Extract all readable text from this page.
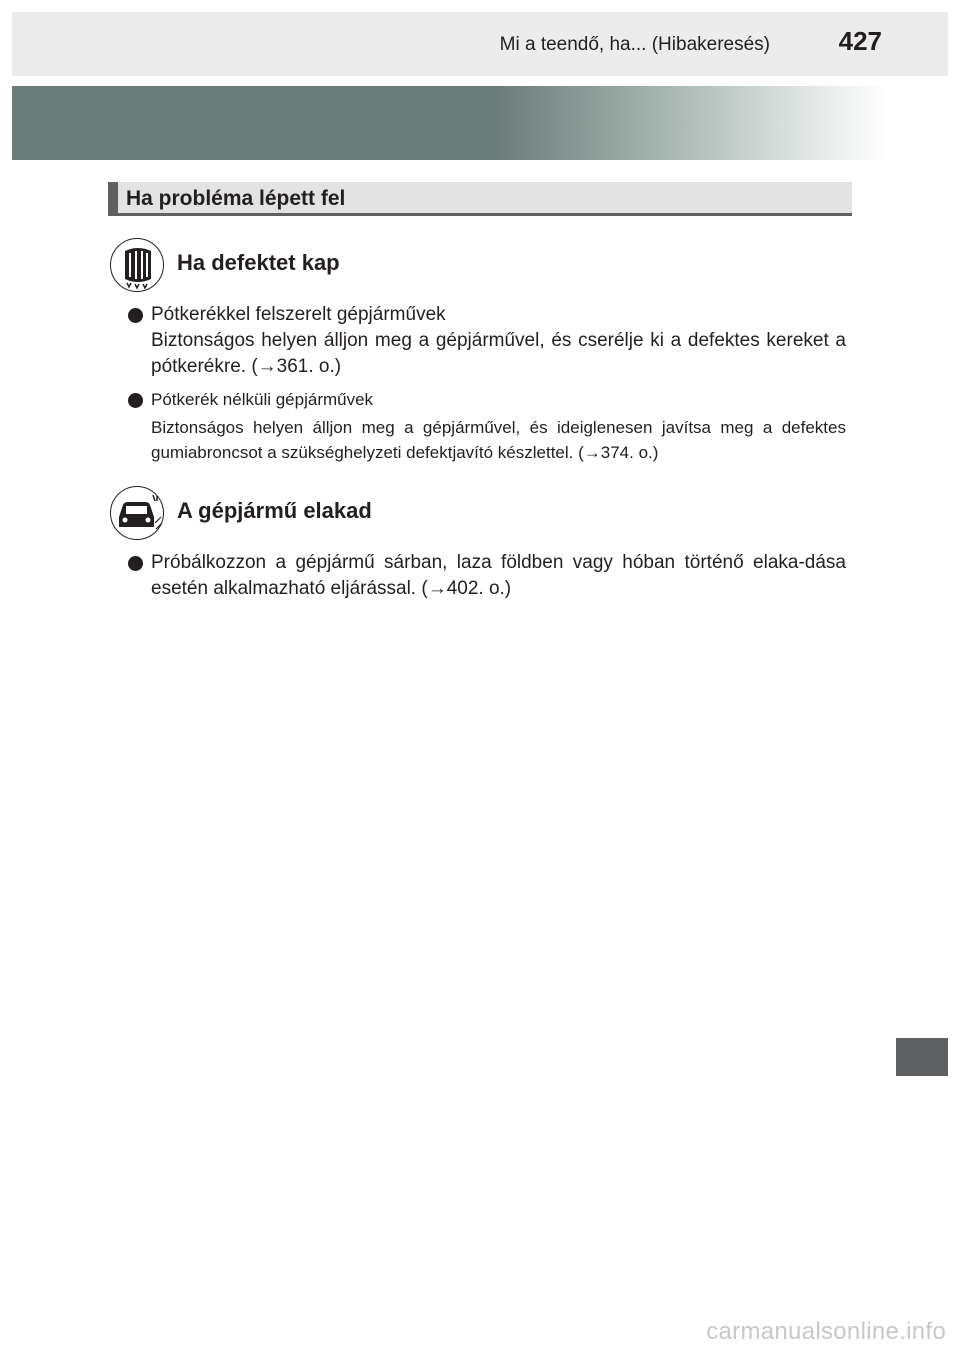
Mi a teendő, ha... (Hibakeresés)	427
Ha probléma lépett fel
Ha defektet kap
Pótkerékkel felszerelt gépjárművek
Biztonságos helyen álljon meg a gépjárművel, és cserélje ki a defektes kereket a pótkerékre. (→361. o.)
Pótkerék nélküli gépjárművek
Biztonságos helyen álljon meg a gépjárművel, és ideiglenesen javítsa meg a defektes gumiabroncsot a szükséghelyzeti defektjavító készlettel. (→374. o.)
A gépjármű elakad
Próbálkozzon a gépjármű sárban, laza földben vagy hóban történő elaka-dása esetén alkalmazható eljárással. (→402. o.)
carmanualsonline.info
